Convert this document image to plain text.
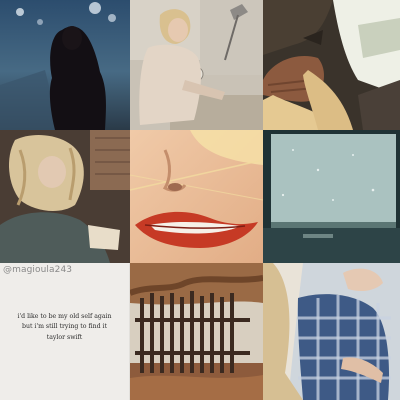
@magioula243
i'd like to be my old self again
but i'm still trying to find it

taylor swift
